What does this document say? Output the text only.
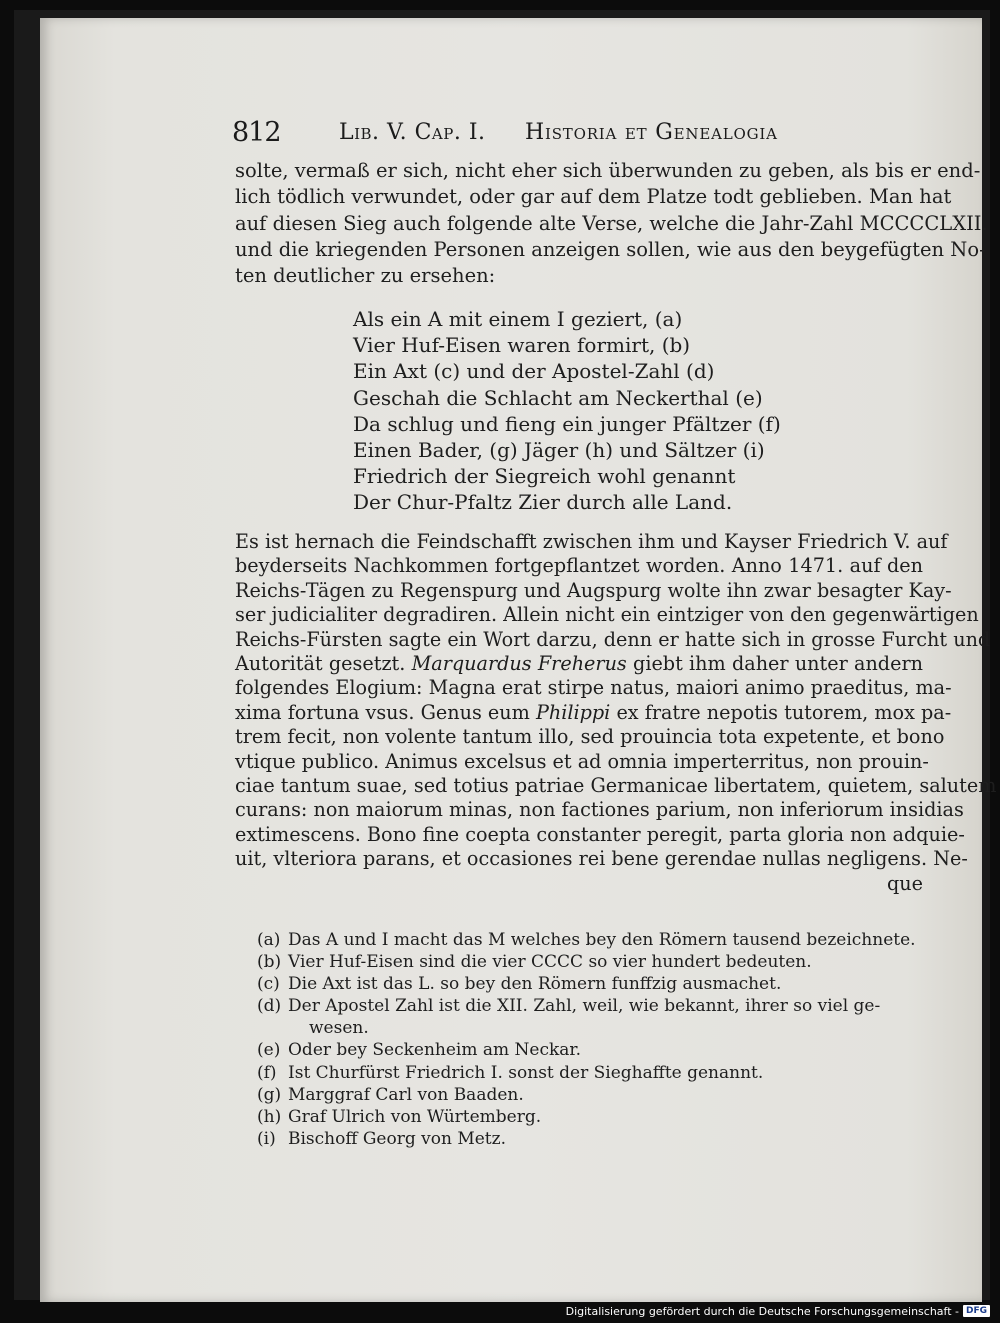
812	Lib. V. Cap. I. Historia et Genealogia

solte, vermaß er sich, nicht eher sich überwunden zu geben, als bis er end-

lich tödlich verwundet, oder gar auf dem Platze todt geblieben. Man hat

auf diesen Sieg auch folgende alte Verse, welche die Jahr-Zahl MCCCCLXII.

und die kriegenden Personen anzeigen sollen, wie aus den beygefügten No-

ten deutlicher zu ersehen:

Als ein A mit einem I geziert, (a)
Vier Huf-Eisen waren formirt, (b)
Ein Axt (c) und der Apostel-Zahl (d)
Geschah die Schlacht am Neckerthal (e)
Da schlug und fieng ein junger Pfältzer (f)
Einen Bader, (g) Jäger (h) und Sältzer (i)
Friedrich der Siegreich wohl genannt
Der Chur-Pfaltz Zier durch alle Land.

Es ist hernach die Feindschafft zwischen ihm und Kayser Friedrich V. auf

beyderseits Nachkommen fortgepflantzet worden. Anno 1471. auf den

Reichs-Tägen zu Regenspurg und Augspurg wolte ihn zwar besagter Kay-

ser judicialiter degradiren. Allein nicht ein eintziger von den gegenwärtigen

Reichs-Fürsten sagte ein Wort darzu, denn er hatte sich in grosse Furcht und

Autorität gesetzt. Marquardus Freherus giebt ihm daher unter andern

folgendes Elogium: Magna erat stirpe natus, maiori animo praeditus, ma-

xima fortuna vsus. Genus eum Philippi ex fratre nepotis tutorem, mox pa-

trem fecit, non volente tantum illo, sed prouincia tota expetente, et bono

vtique publico. Animus excelsus et ad omnia imperterritus, non prouin-

ciae tantum suae, sed totius patriae Germanicae libertatem, quietem, salutem

curans: non maiorum minas, non factiones parium, non inferiorum insidias

extimescens. Bono fine coepta constanter peregit, parta gloria non adquie-

uit, vlteriora parans, et occasiones rei bene gerendae nullas negligens. Ne-

que

(a) Das A und I macht das M welches bey den Römern tausend bezeichnete.
(b) Vier Huf-Eisen sind die vier CCCC so vier hundert bedeuten.
(c) Die Axt ist das L. so bey den Römern funffzig ausmachet.
(d) Der Apostel Zahl ist die XII. Zahl, weil, wie bekannt, ihrer so viel ge-
wesen.
(e) Oder bey Seckenheim am Neckar.
(f) Ist Churfürst Friedrich I. sonst der Sieghaffte genannt.
(g) Marggraf Carl von Baaden.
(h) Graf Ulrich von Würtemberg.
(i) Bischoff Georg von Metz.
Digitalisierung gefördert durch die Deutsche Forschungsgemeinschaft - DFG
